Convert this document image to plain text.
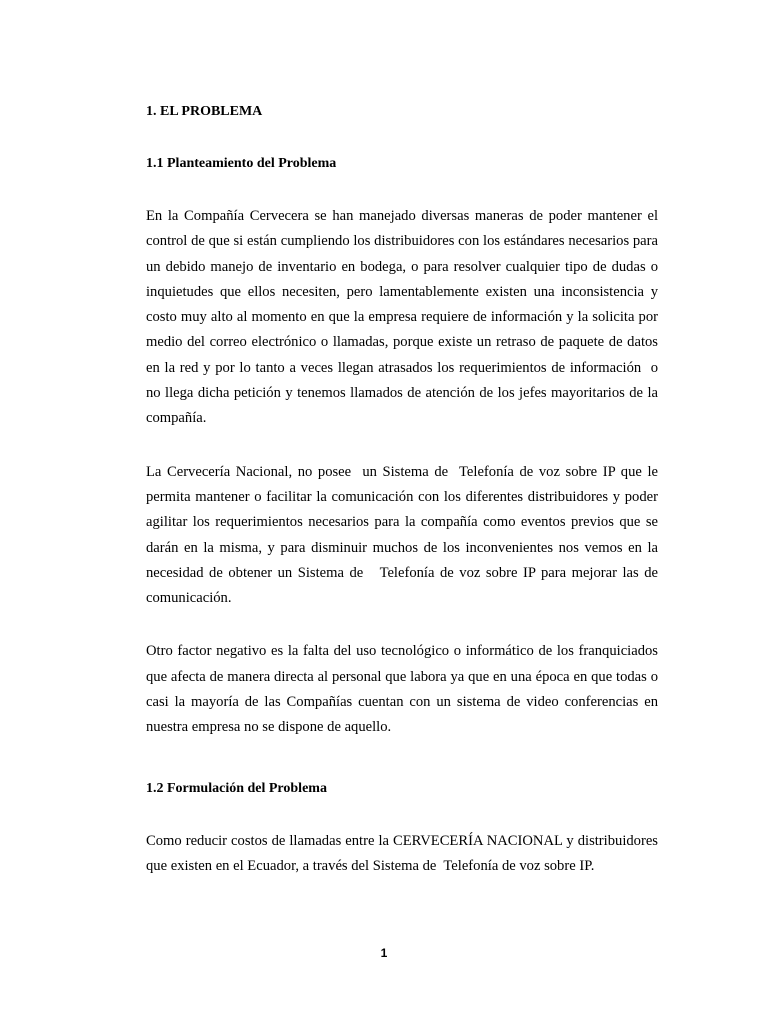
1. EL PROBLEMA

1.1 Planteamiento del Problema

En la Compañía Cervecera se han manejado diversas maneras de poder mantener el control de que si están cumpliendo los distribuidores con los estándares necesarios para un debido manejo de inventario en bodega, o para resolver cualquier tipo de dudas o inquietudes que ellos necesiten, pero lamentablemente existen una inconsistencia y costo muy alto al momento en que la empresa requiere de información y la solicita por medio del correo electrónico o llamadas, porque existe un retraso de paquete de datos en la red y por lo tanto a veces llegan atrasados los requerimientos de información  o no llega dicha petición y tenemos llamados de atención de los jefes mayoritarios de la compañía.

La Cervecería Nacional, no posee  un Sistema de  Telefonía de voz sobre IP que le permita mantener o facilitar la comunicación con los diferentes distribuidores y poder agilitar los requerimientos necesarios para la compañía como eventos previos que se darán en la misma, y para disminuir muchos de los inconvenientes nos vemos en la necesidad de obtener un Sistema de   Telefonía de voz sobre IP para mejorar las de comunicación.

Otro factor negativo es la falta del uso tecnológico o informático de los franquiciados  que afecta de manera directa al personal que labora ya que en una época en que todas o casi la mayoría de las Compañías cuentan con un sistema de video conferencias en nuestra empresa no se dispone de aquello.

1.2 Formulación del Problema

Como reducir costos de llamadas entre la CERVECERÍA NACIONAL y distribuidores  que existen en el Ecuador, a través del Sistema de  Telefonía de voz sobre IP.

1
